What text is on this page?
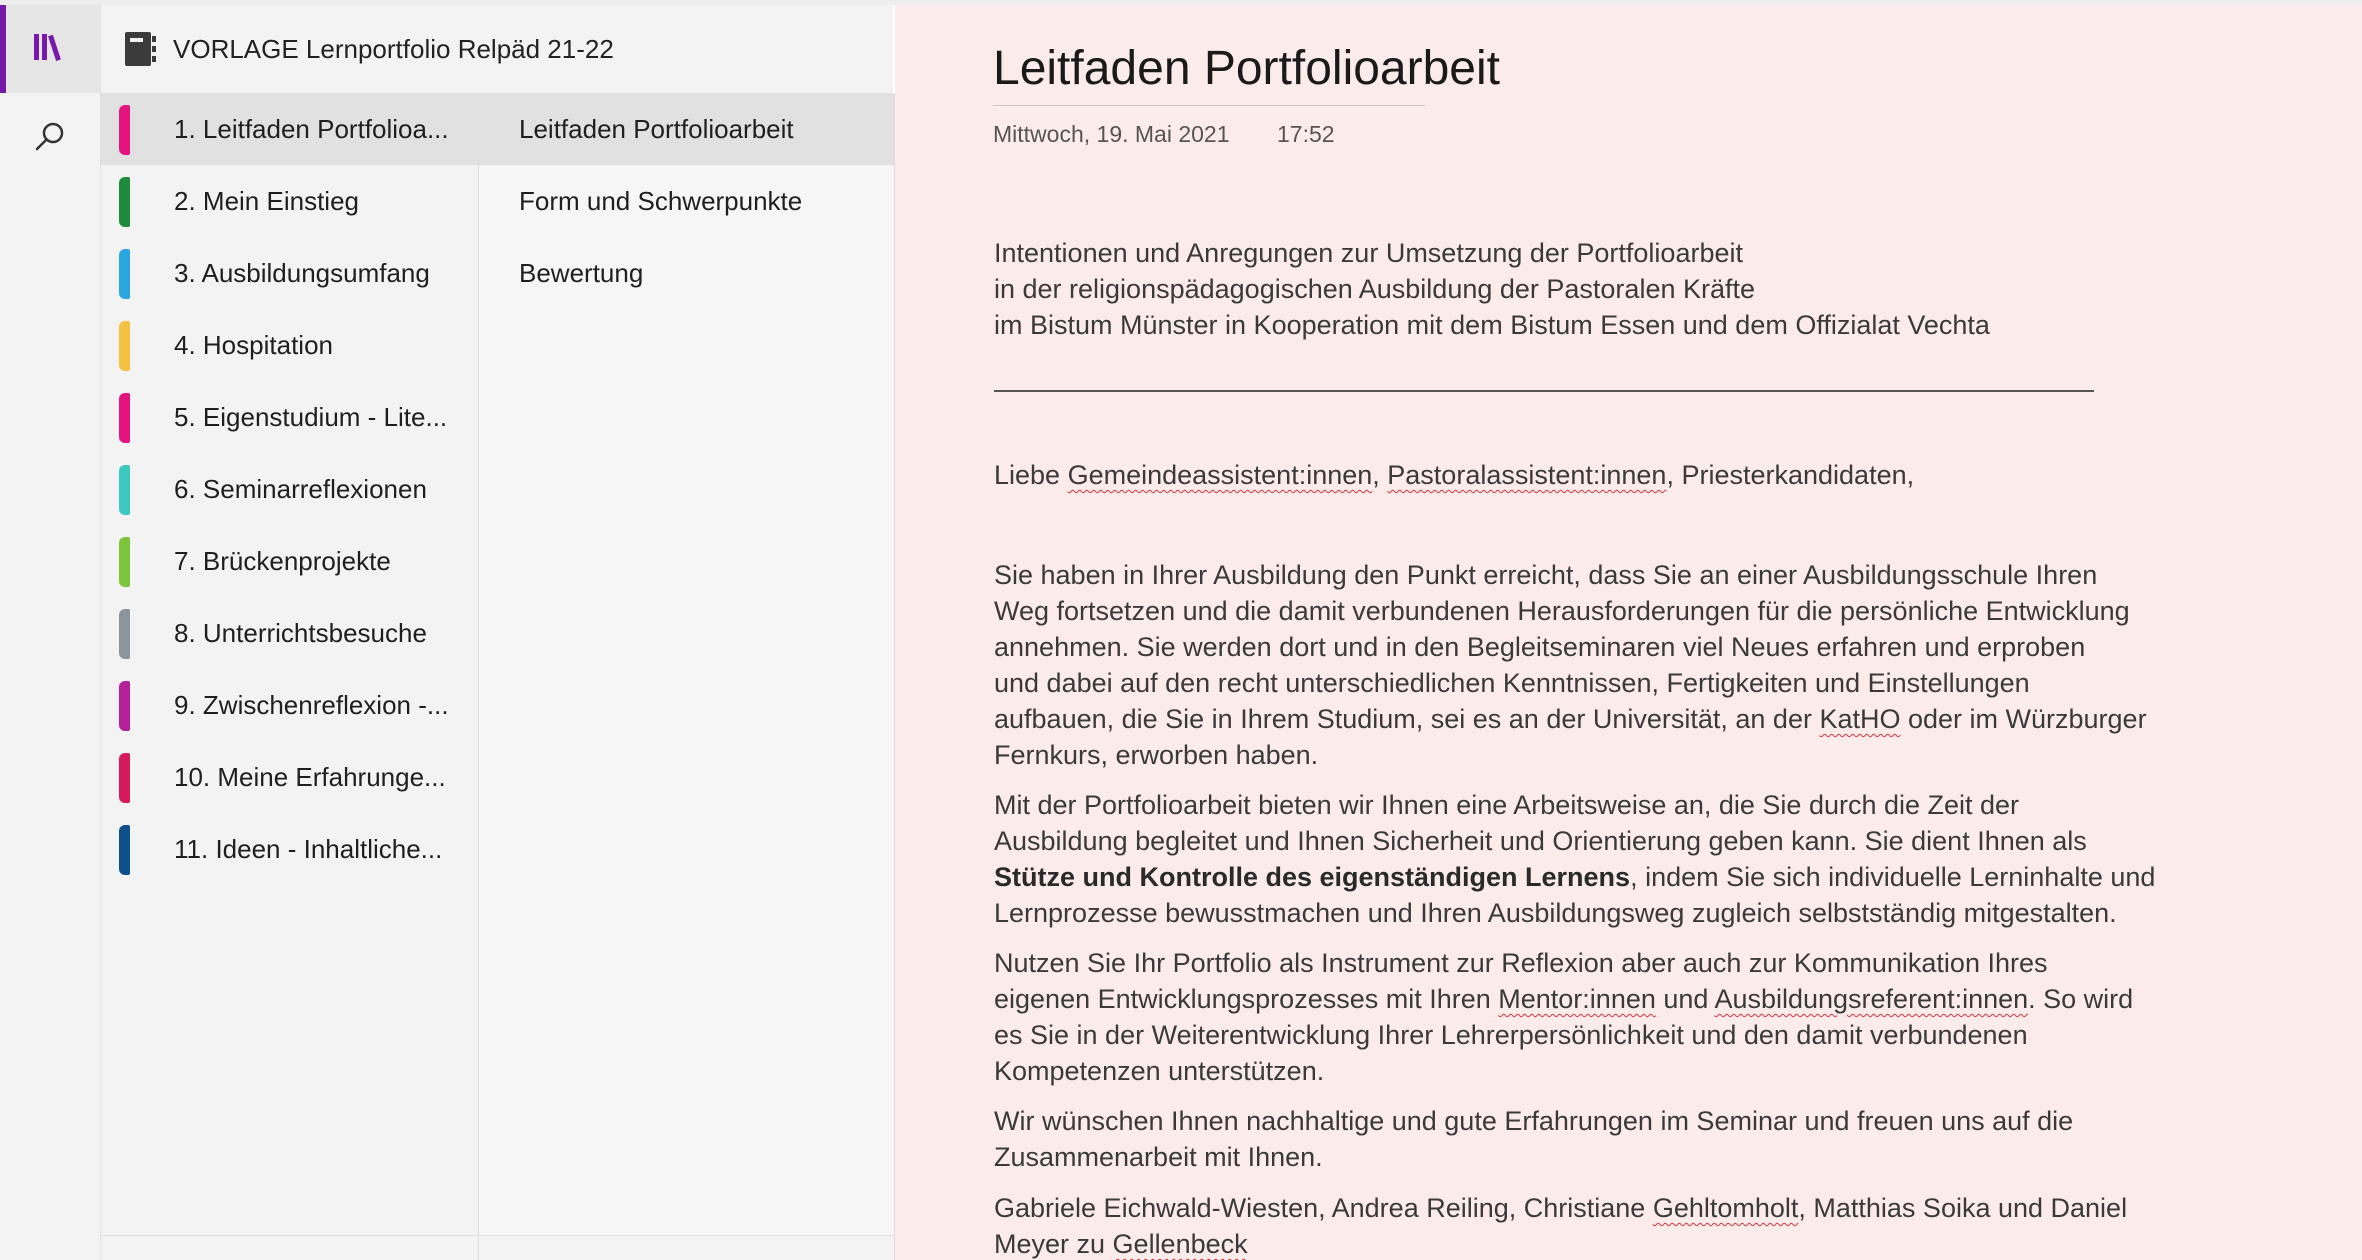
VORLAGE Lernportfolio Relpäd 21-22
1. Leitfaden Portfolioa...
2. Mein Einstieg
3. Ausbildungsumfang
4. Hospitation
5. Eigenstudium - Lite...
6. Seminarreflexionen
7. Brückenprojekte
8. Unterrichtsbesuche
9. Zwischenreflexion -...
10. Meine Erfahrunge...
11. Ideen - Inhaltliche...
Leitfaden Portfolioarbeit
Form und Schwerpunkte
Bewertung
Leitfaden Portfolioarbeit
Mittwoch, 19. Mai 2021 17:52
Intentionen und Anregungen zur Umsetzung der Portfolioarbeit
in der religionspädagogischen Ausbildung der Pastoralen Kräfte
im Bistum Münster in Kooperation mit dem Bistum Essen und dem Offizialat Vechta
Liebe Gemeindeassistent:innen, Pastoralassistent:innen, Priesterkandidaten,
Sie haben in Ihrer Ausbildung den Punkt erreicht, dass Sie an einer Ausbildungsschule Ihren
Weg fortsetzen und die damit verbundenen Herausforderungen für die persönliche Entwicklung
annehmen. Sie werden dort und in den Begleitseminaren viel Neues erfahren und erproben
und dabei auf den recht unterschiedlichen Kenntnissen, Fertigkeiten und Einstellungen
aufbauen, die Sie in Ihrem Studium, sei es an der Universität, an der KatHO oder im Würzburger
Fernkurs, erworben haben.
Mit der Portfolioarbeit bieten wir Ihnen eine Arbeitsweise an, die Sie durch die Zeit der
Ausbildung begleitet und Ihnen Sicherheit und Orientierung geben kann. Sie dient Ihnen als
Stütze und Kontrolle des eigenständigen Lernens, indem Sie sich individuelle Lerninhalte und
Lernprozesse bewusstmachen und Ihren Ausbildungsweg zugleich selbstständig mitgestalten.
Nutzen Sie Ihr Portfolio als Instrument zur Reflexion aber auch zur Kommunikation Ihres
eigenen Entwicklungsprozesses mit Ihren Mentor:innen und Ausbildungsreferent:innen. So wird
es Sie in der Weiterentwicklung Ihrer Lehrerpersönlichkeit und den damit verbundenen
Kompetenzen unterstützen.
Wir wünschen Ihnen nachhaltige und gute Erfahrungen im Seminar und freuen uns auf die
Zusammenarbeit mit Ihnen.
Gabriele Eichwald-Wiesten, Andrea Reiling, Christiane Gehltomholt, Matthias Soika und Daniel
Meyer zu Gellenbeck
